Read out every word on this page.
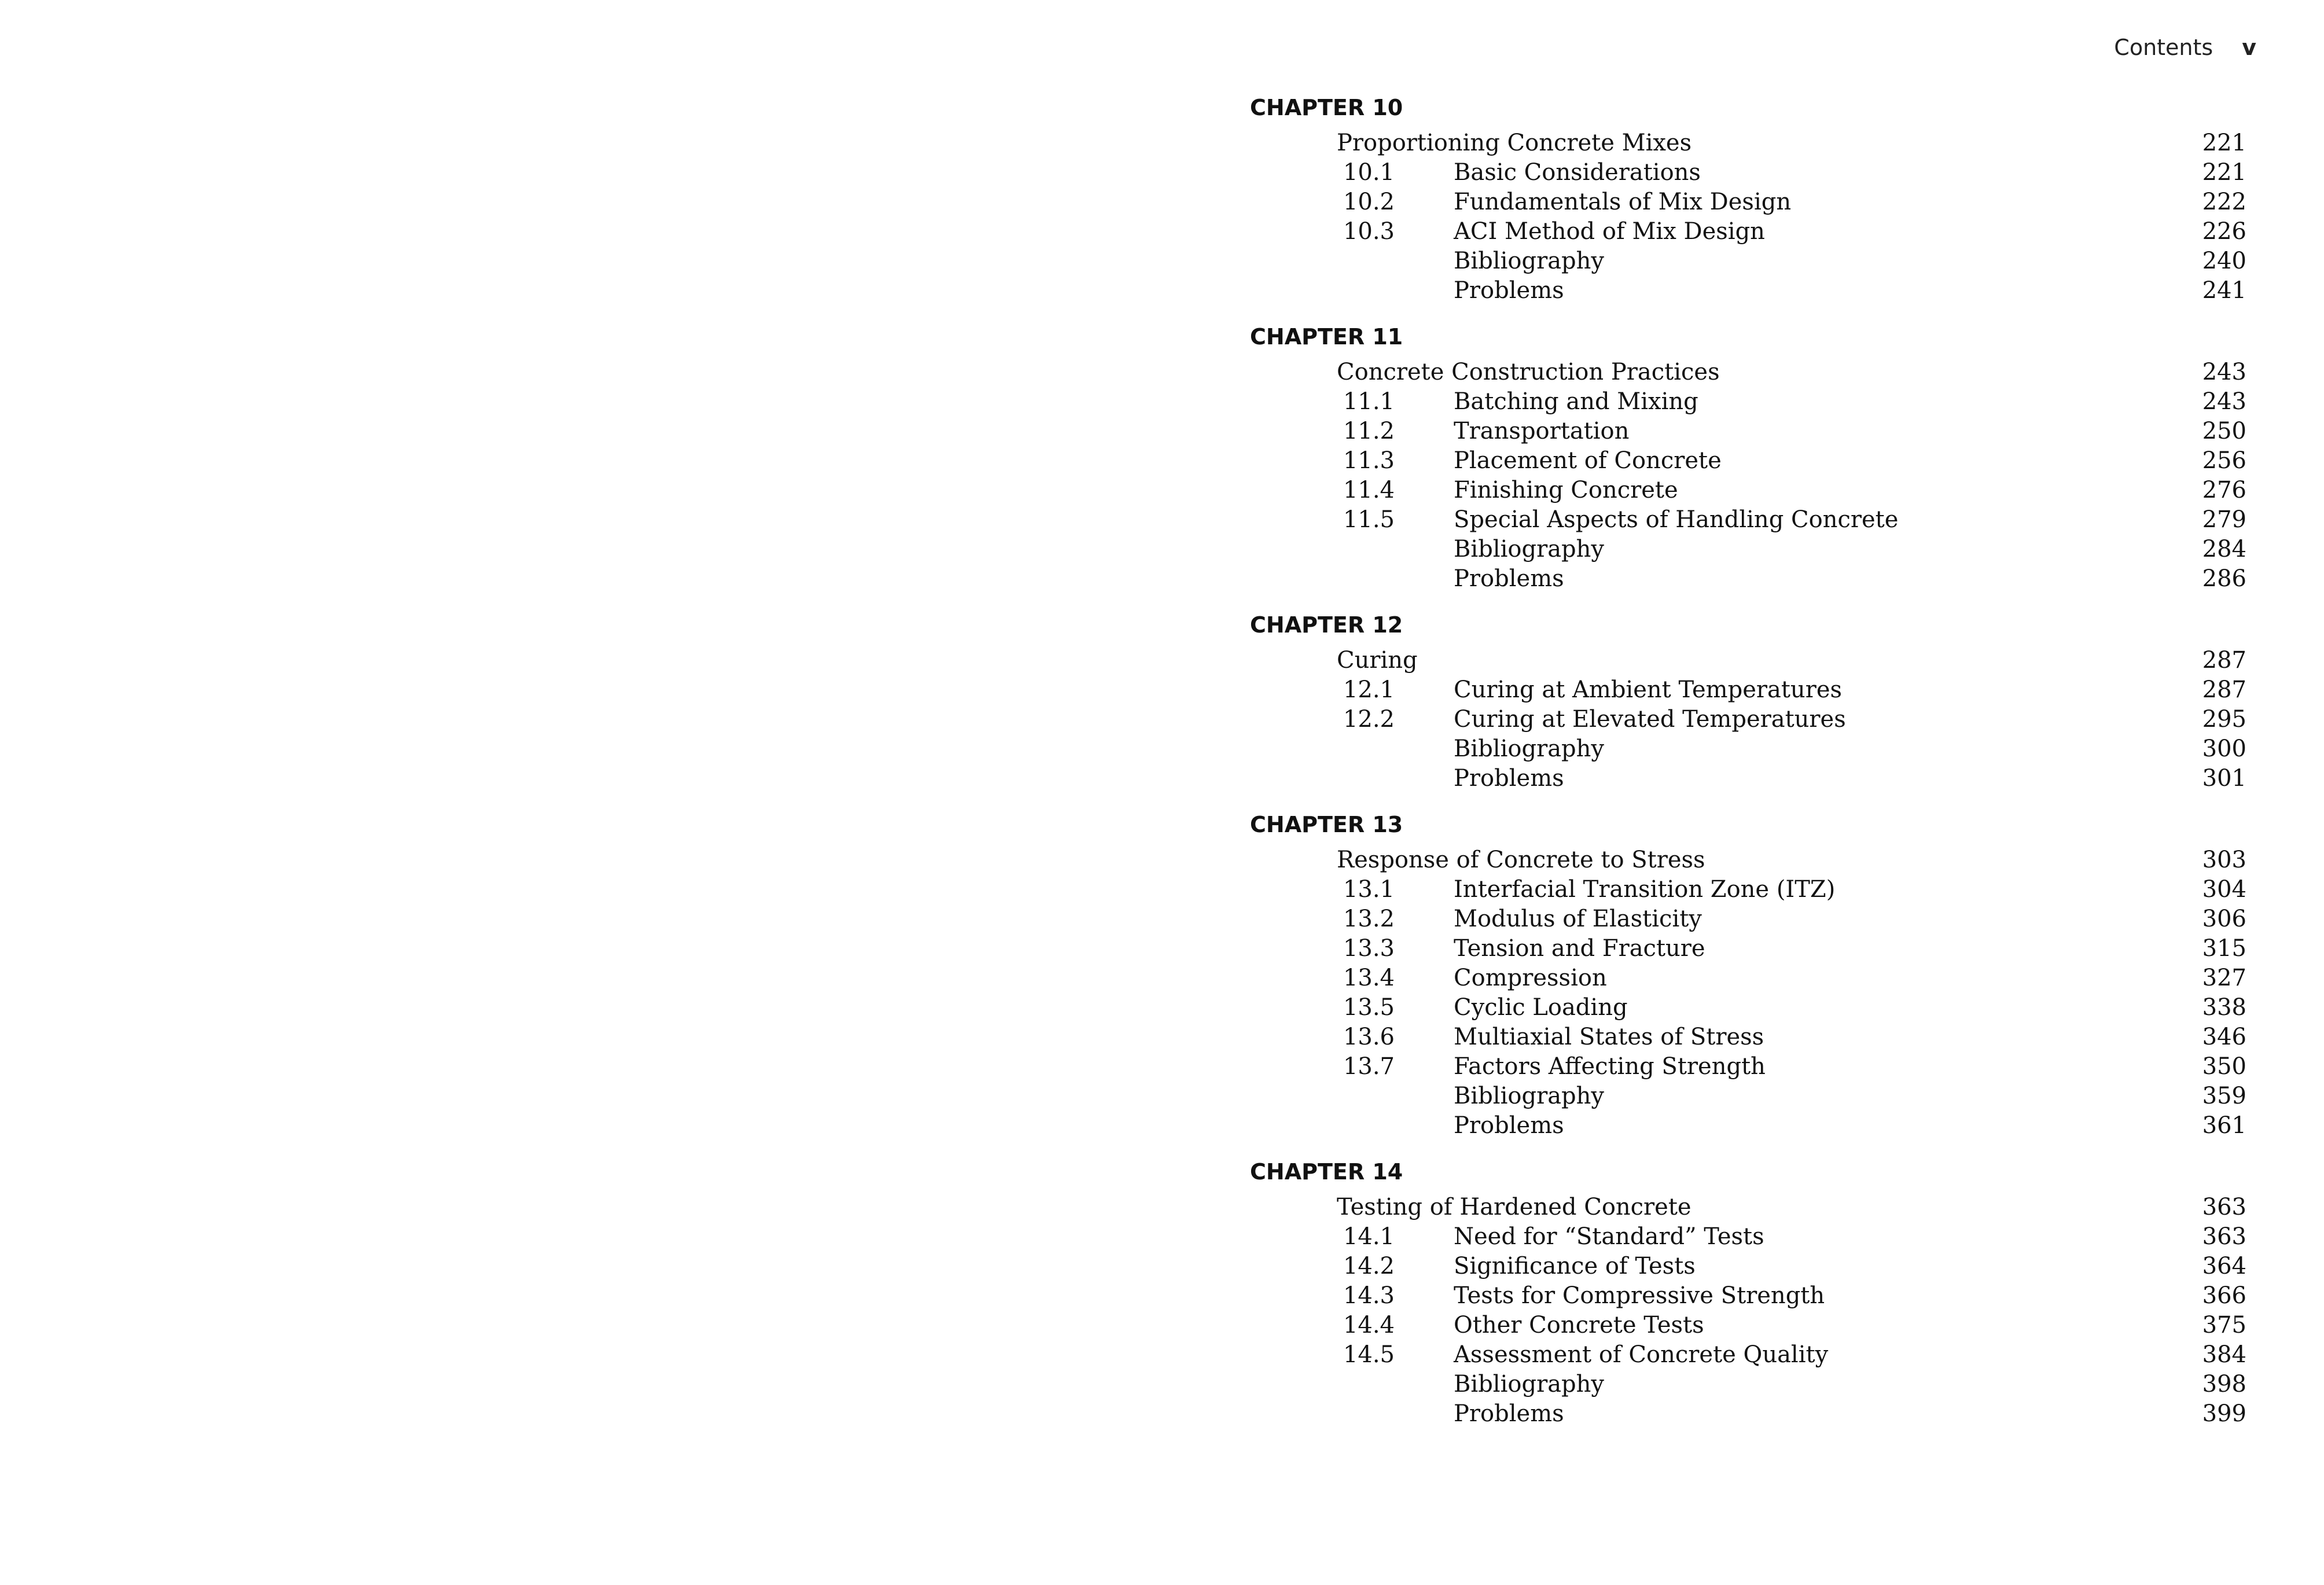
Contents v
CHAPTER 10
Proportioning Concrete Mixes	221
10.1	Basic Considerations	221
10.2	Fundamentals of Mix Design	222
10.3	ACI Method of Mix Design	226
Bibliography	240
Problems	241
CHAPTER 11
Concrete Construction Practices	243
11.1	Batching and Mixing	243
11.2	Transportation	250
11.3	Placement of Concrete	256
11.4	Finishing Concrete	276
11.5	Special Aspects of Handling Concrete	279
Bibliography	284
Problems	286
CHAPTER 12
Curing	287
12.1	Curing at Ambient Temperatures	287
12.2	Curing at Elevated Temperatures	295
Bibliography	300
Problems	301
CHAPTER 13
Response of Concrete to Stress	303
13.1	Interfacial Transition Zone (ITZ)	304
13.2	Modulus of Elasticity	306
13.3	Tension and Fracture	315
13.4	Compression	327
13.5	Cyclic Loading	338
13.6	Multiaxial States of Stress	346
13.7	Factors Affecting Strength	350
Bibliography	359
Problems	361
CHAPTER 14
Testing of Hardened Concrete	363
14.1	Need for “Standard” Tests	363
14.2	Significance of Tests	364
14.3	Tests for Compressive Strength	366
14.4	Other Concrete Tests	375
14.5	Assessment of Concrete Quality	384
Bibliography	398
Problems	399
